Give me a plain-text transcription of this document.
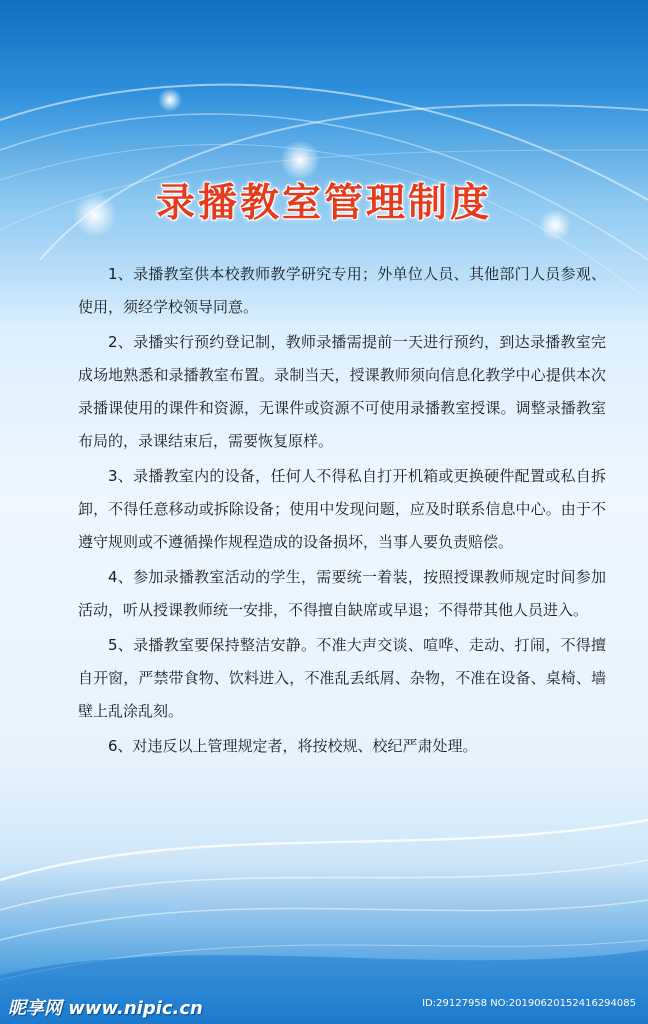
录播教室管理制度

1、录播教室供本校教师教学研究专用；外单位人员、其他部门人员参观、使用，须经学校领导同意。

2、录播实行预约登记制，教师录播需提前一天进行预约，到达录播教室完成场地熟悉和录播教室布置。录制当天，授课教师须向信息化教学中心提供本次录播课使用的课件和资源，无课件或资源不可使用录播教室授课。调整录播教室布局的，录课结束后，需要恢复原样。

3、录播教室内的设备，任何人不得私自打开机箱或更换硬件配置或私自拆卸，不得任意移动或拆除设备；使用中发现问题，应及时联系信息中心。由于不遵守规则或不遵循操作规程造成的设备损坏，当事人要负责赔偿。

4、参加录播教室活动的学生，需要统一着装，按照授课教师规定时间参加活动，听从授课教师统一安排，不得擅自缺席或早退；不得带其他人员进入。

5、录播教室要保持整洁安静。不准大声交谈、喧哗、走动、打闹，不得擅自开窗，严禁带食物、饮料进入，不准乱丢纸屑、杂物，不准在设备、桌椅、墙壁上乱涂乱刻。

6、对违反以上管理规定者，将按校规、校纪严肃处理。

昵享网 www.nipic.cn	ID:29127958 NO:20190620152416294085
